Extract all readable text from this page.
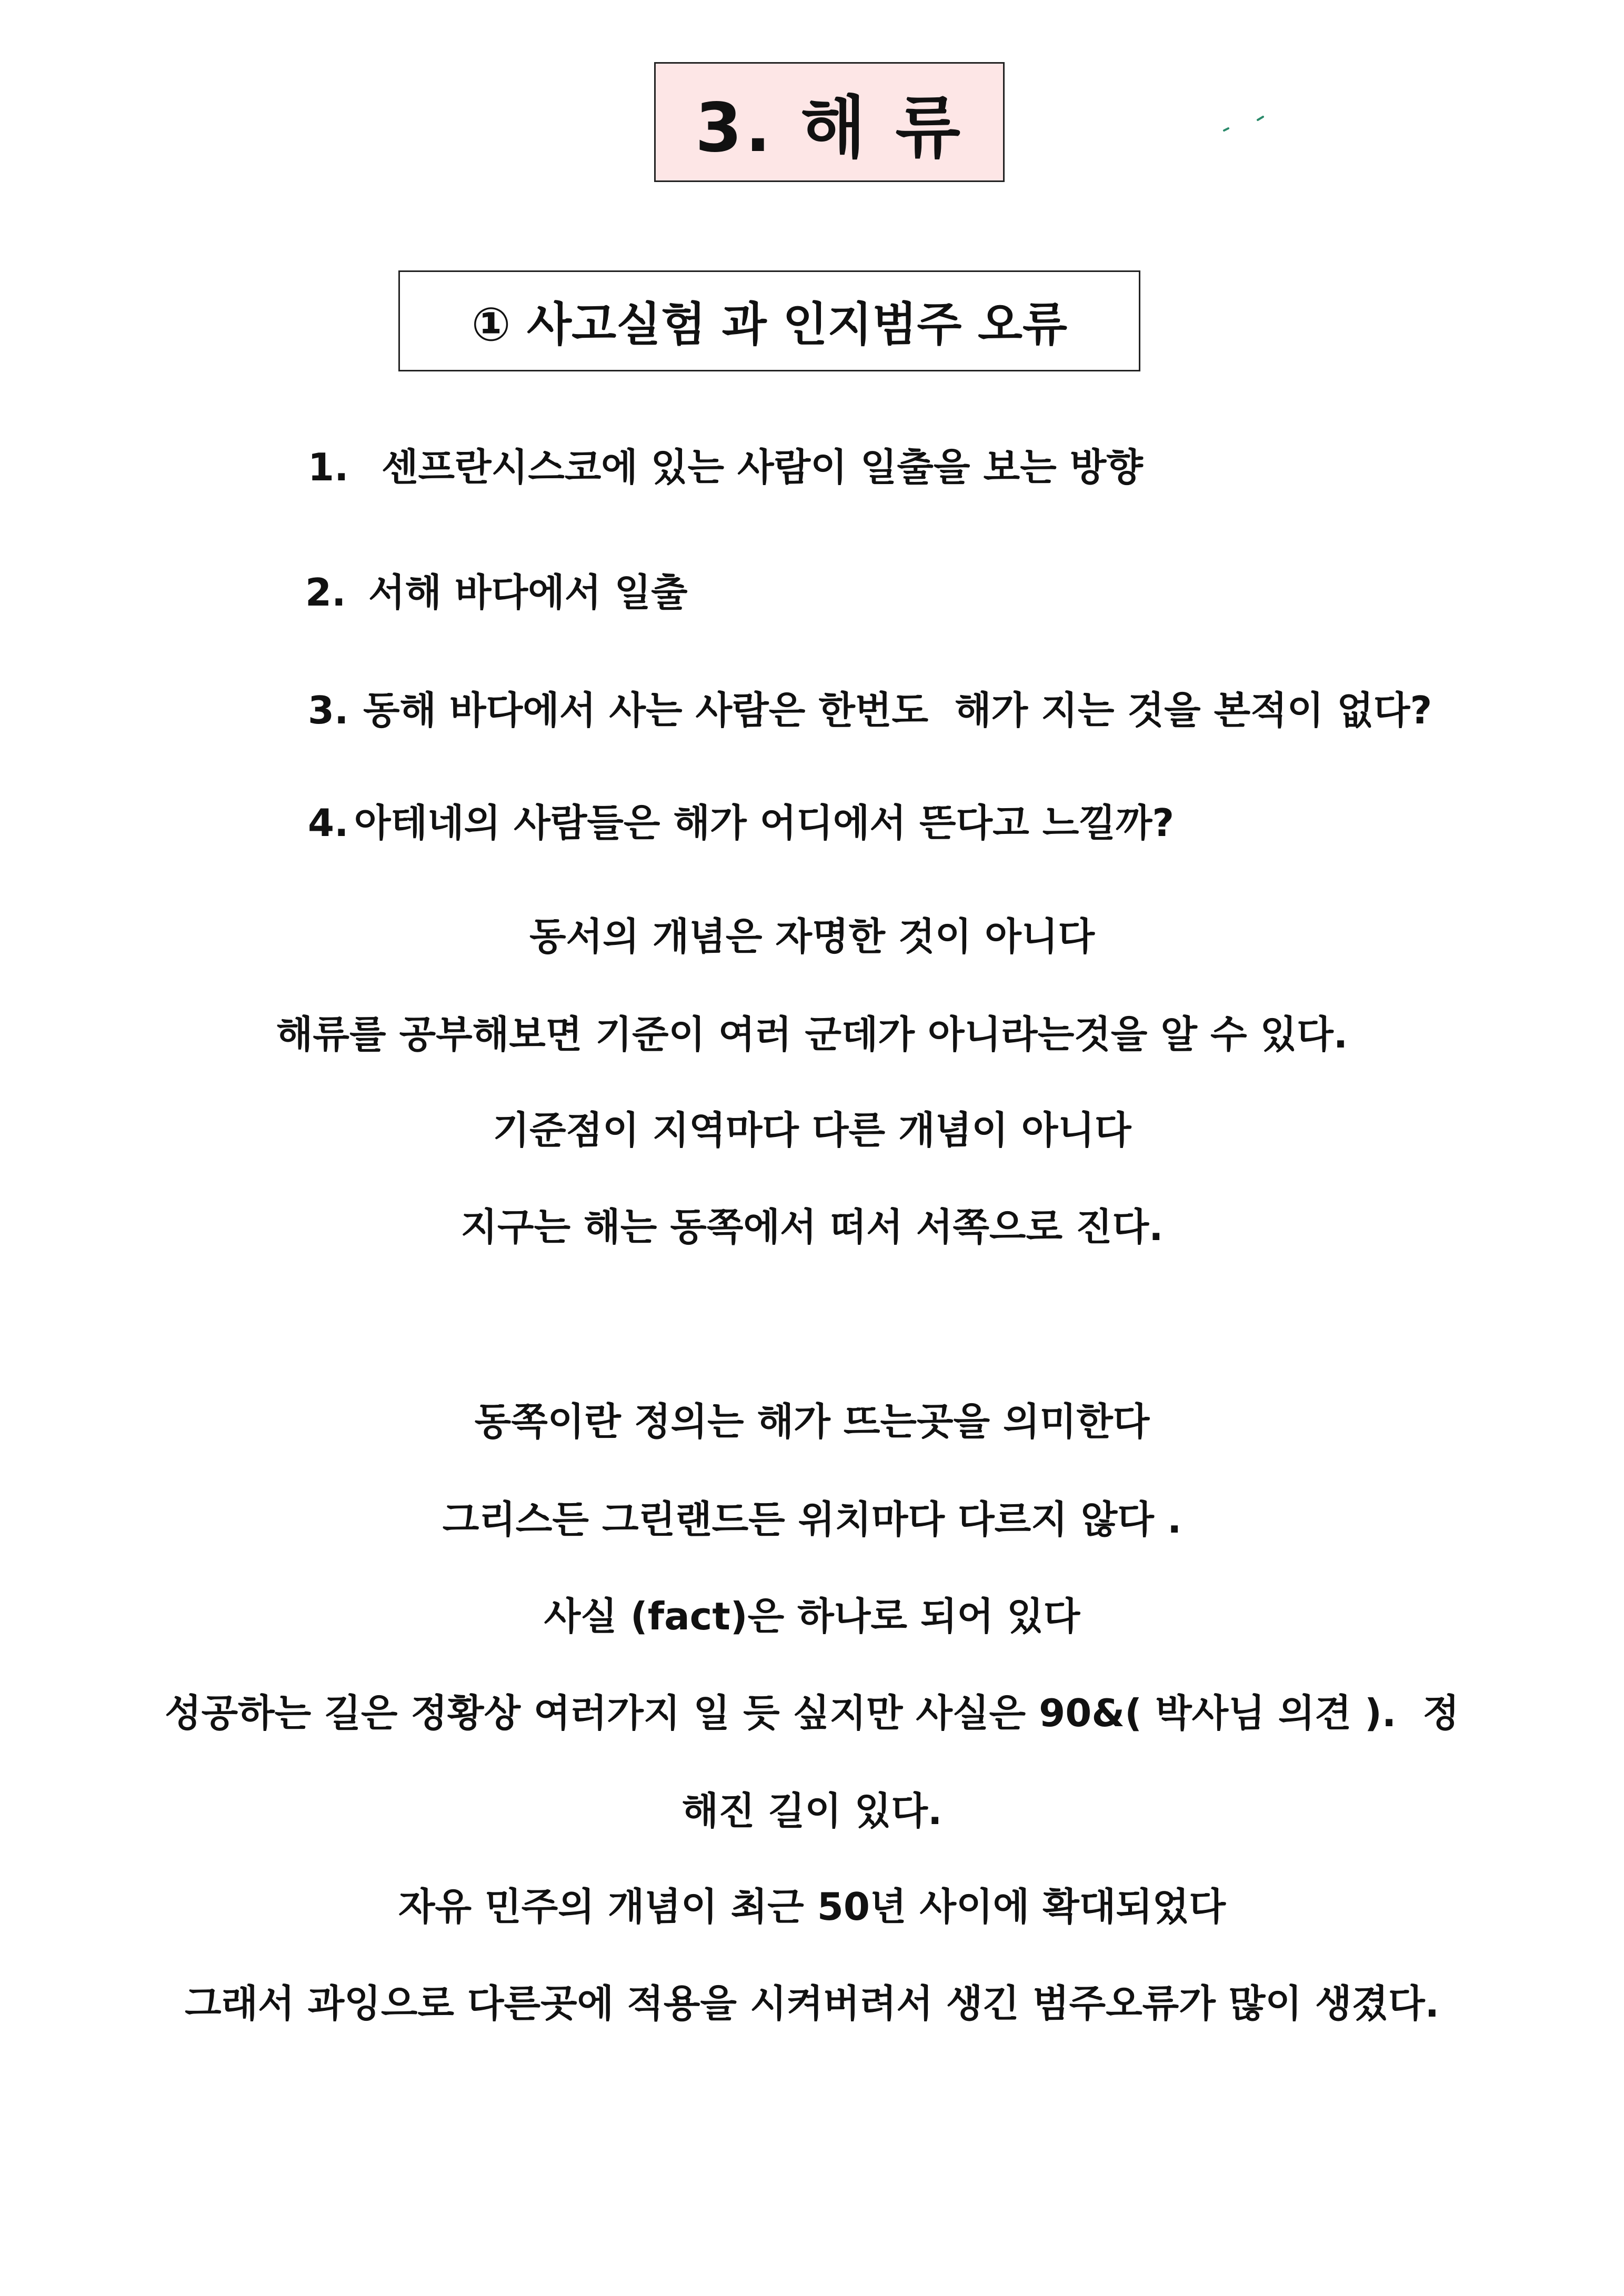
3. 해 류
① 사고실험 과 인지범주 오류
1. 센프란시스코에 있는 사람이 일출을 보는 방향
2. 서해 바다에서 일출
3. 동해 바다에서 사는 사람은 한번도  해가 지는 것을 본적이 없다?
4. 아테네의 사람들은 해가 어디에서 뜬다고 느낄까?
동서의 개념은 자명한 것이 아니다
해류를 공부해보면 기준이 여러 군데가 아니라는것을 알 수 있다.
기준점이 지역마다 다른 개념이 아니다
지구는 해는 동쪽에서 떠서 서쪽으로 진다.
동쪽이란 정의는 해가 뜨는곳을 의미한다
그리스든 그린랜드든 위치마다 다르지 않다 .
사실 (fact)은 하나로 되어 있다
성공하는 길은 정황상 여러가지 일 듯 싶지만 사실은 90&( 박사님 의견 ).  정
해진 길이 있다.
자유 민주의 개념이 최근 50년 사이에 확대되었다
그래서 과잉으로 다른곳에 적용을 시켜버려서 생긴 범주오류가 많이 생겼다.
